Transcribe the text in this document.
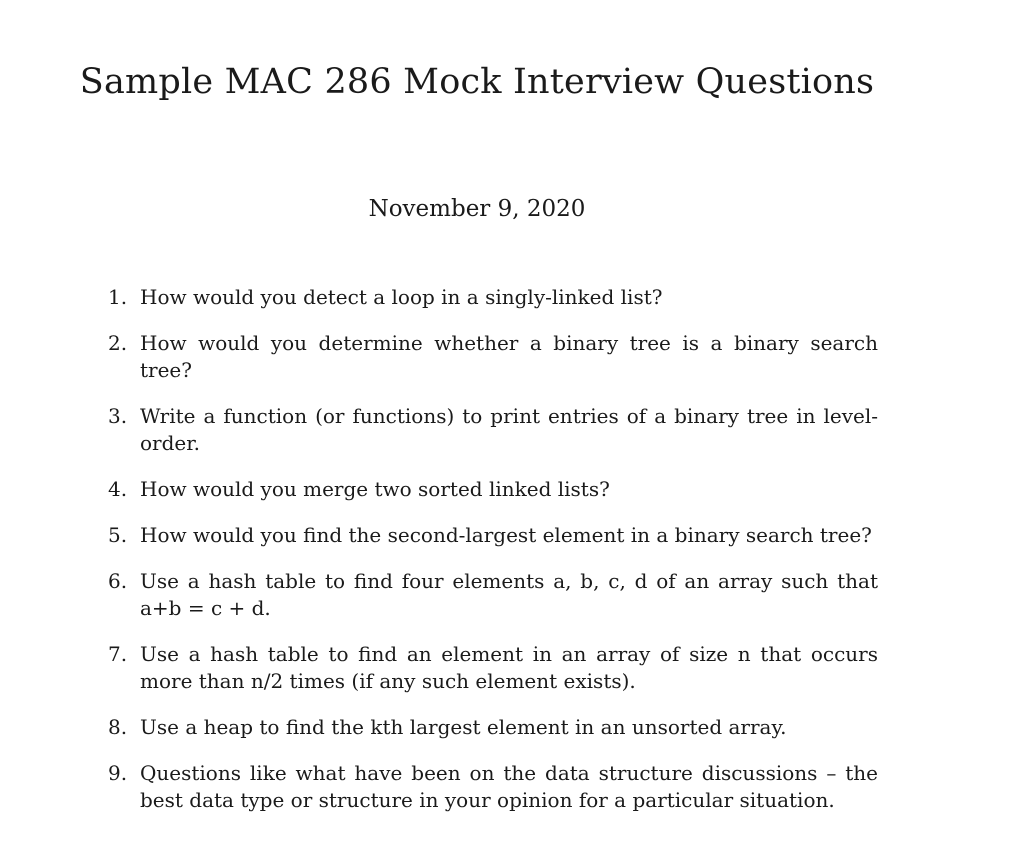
Sample MAC 286 Mock Interview Questions
November 9, 2020
1. How would you detect a loop in a singly-linked list?
2. How would you determine whether a binary tree is a binary search tree?
3. Write a function (or functions) to print entries of a binary tree in level-order.
4. How would you merge two sorted linked lists?
5. How would you find the second-largest element in a binary search tree?
6. Use a hash table to find four elements a, b, c, d of an array such that a+b = c + d.
7. Use a hash table to find an element in an array of size n that occurs more than n/2 times (if any such element exists).
8. Use a heap to find the kth largest element in an unsorted array.
9. Questions like what have been on the data structure discussions – the best data type or structure in your opinion for a particular situation.
